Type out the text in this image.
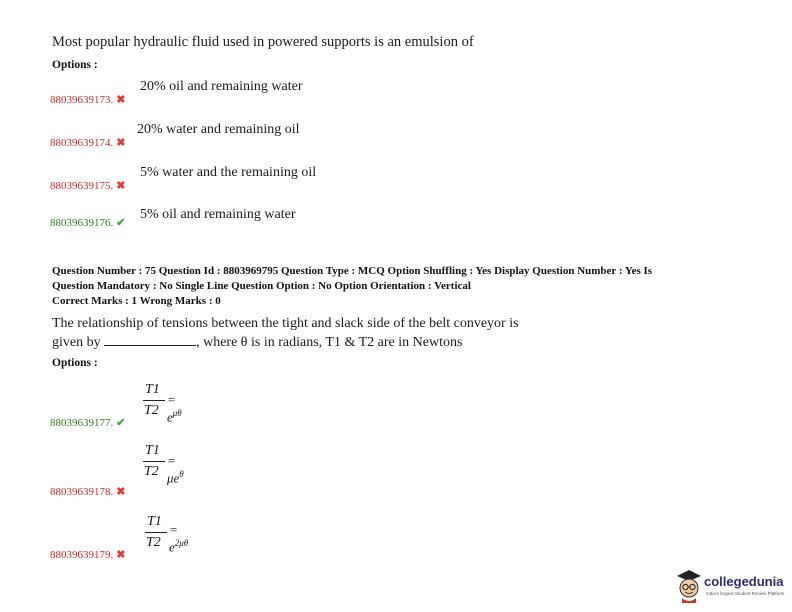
Most popular hydraulic fluid used in powered supports is an emulsion of
Options :
88039639173. ✖
20% oil and remaining water
88039639174. ✖
20% water and remaining oil
88039639175. ✖
5% water and the remaining oil
88039639176. ✔
5% oil and remaining water
Question Number : 75 Question Id : 8803969795 Question Type : MCQ Option Shuffling : Yes Display Question Number : Yes Is
Question Mandatory : No Single Line Question Option : No Option Orientation : Vertical
Correct Marks : 1 Wrong Marks : 0
The relationship of tensions between the tight and slack side of the belt conveyor is
given by	, where θ is in radians, T1 & T2 are in Newtons
Options :
T1
T2
= $e^{\mu\theta}$
88039639177. ✔
T1
T2
= $\mu e^\theta$
88039639178. ✖
T1
T2
= $e^{2\mu\theta}$
88039639179. ✖
collegedunia
India's largest Student Review Platform
